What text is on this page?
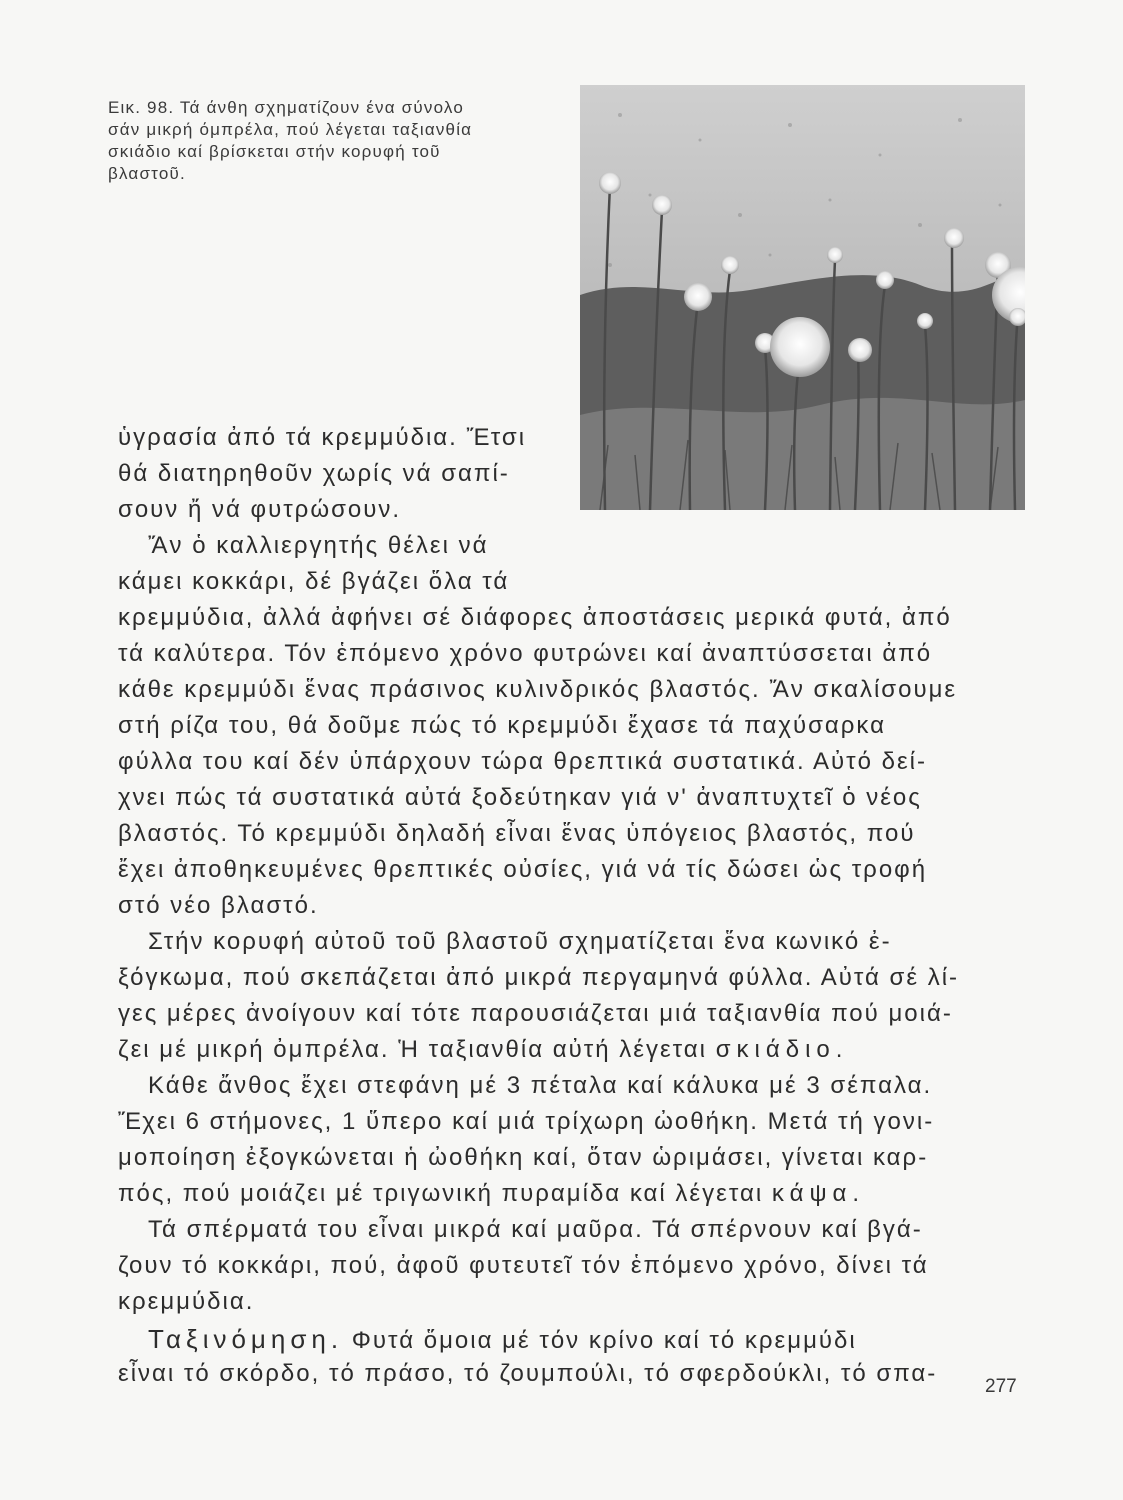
Εικ. 98. Τά άνθη σχηματίζουν ένα σύνολο
σάν μικρή όμπρέλα, πού λέγεται ταξιανθία
σκιάδιο καί βρίσκεται στήν κορυφή τοῦ
βλαστοῦ.

ὑγρασία ἀπό τά κρεμμύδια. Ἔτσι

θά διατηρηθοῦν χωρίς νά σαπί-

σουν ἤ νά φυτρώσουν.

Ἄν ὁ καλλιεργητής θέλει νά

κάμει κοκκάρι, δέ βγάζει ὅλα τά

κρεμμύδια, ἀλλά ἀφήνει σέ διάφορες ἀποστάσεις μερικά φυτά, ἀπό

τά καλύτερα. Τόν ἑπόμενο χρόνο φυτρώνει καί ἀναπτύσσεται ἀπό

κάθε κρεμμύδι ἕνας πράσινος κυλινδρικός βλαστός. Ἄν σκαλίσουμε

στή ρίζα του, θά δοῦμε πώς τό κρεμμύδι ἔχασε τά παχύσαρκα

φύλλα του καί δέν ὑπάρχουν τώρα θρεπτικά συστατικά. Αὐτό δεί-

χνει πώς τά συστατικά αὐτά ξοδεύτηκαν γιά ν' ἀναπτυχτεῖ ὁ νέος

βλαστός. Τό κρεμμύδι δηλαδή εἶναι ἕνας ὑπόγειος βλαστός, πού

ἔχει ἀποθηκευμένες θρεπτικές οὐσίες, γιά νά τίς δώσει ὡς τροφή

στό νέο βλαστό.

Στήν κορυφή αὐτοῦ τοῦ βλαστοῦ σχηματίζεται ἕνα κωνικό ἐ-

ξόγκωμα, πού σκεπάζεται ἀπό μικρά περγαμηνά φύλλα. Αὐτά σέ λί-

γες μέρες ἀνοίγουν καί τότε παρουσιάζεται μιά ταξιανθία πού μοιά-

ζει μέ μικρή ὀμπρέλα. Ἡ ταξιανθία αὐτή λέγεται σκιάδιο.

Κάθε ἄνθος ἔχει στεφάνη μέ 3 πέταλα καί κάλυκα μέ 3 σέπαλα.

Ἔχει 6 στήμονες, 1 ὕπερο καί μιά τρίχωρη ὠοθήκη. Μετά τή γονι-

μοποίηση ἐξογκώνεται ἡ ὠοθήκη καί, ὅταν ὡριμάσει, γίνεται καρ-

πός, πού μοιάζει μέ τριγωνική πυραμίδα καί λέγεται κάψα.

Τά σπέρματά του εἶναι μικρά καί μαῦρα. Τά σπέρνουν καί βγά-

ζουν τό κοκκάρι, πού, ἀφοῦ φυτευτεῖ τόν ἑπόμενο χρόνο, δίνει τά

κρεμμύδια.

Ταξινόμηση. Φυτά ὅμοια μέ τόν κρίνο καί τό κρεμμύδι

εἶναι τό σκόρδο, τό πράσο, τό ζουμπούλι, τό σφερδούκλι, τό σπα-	277
